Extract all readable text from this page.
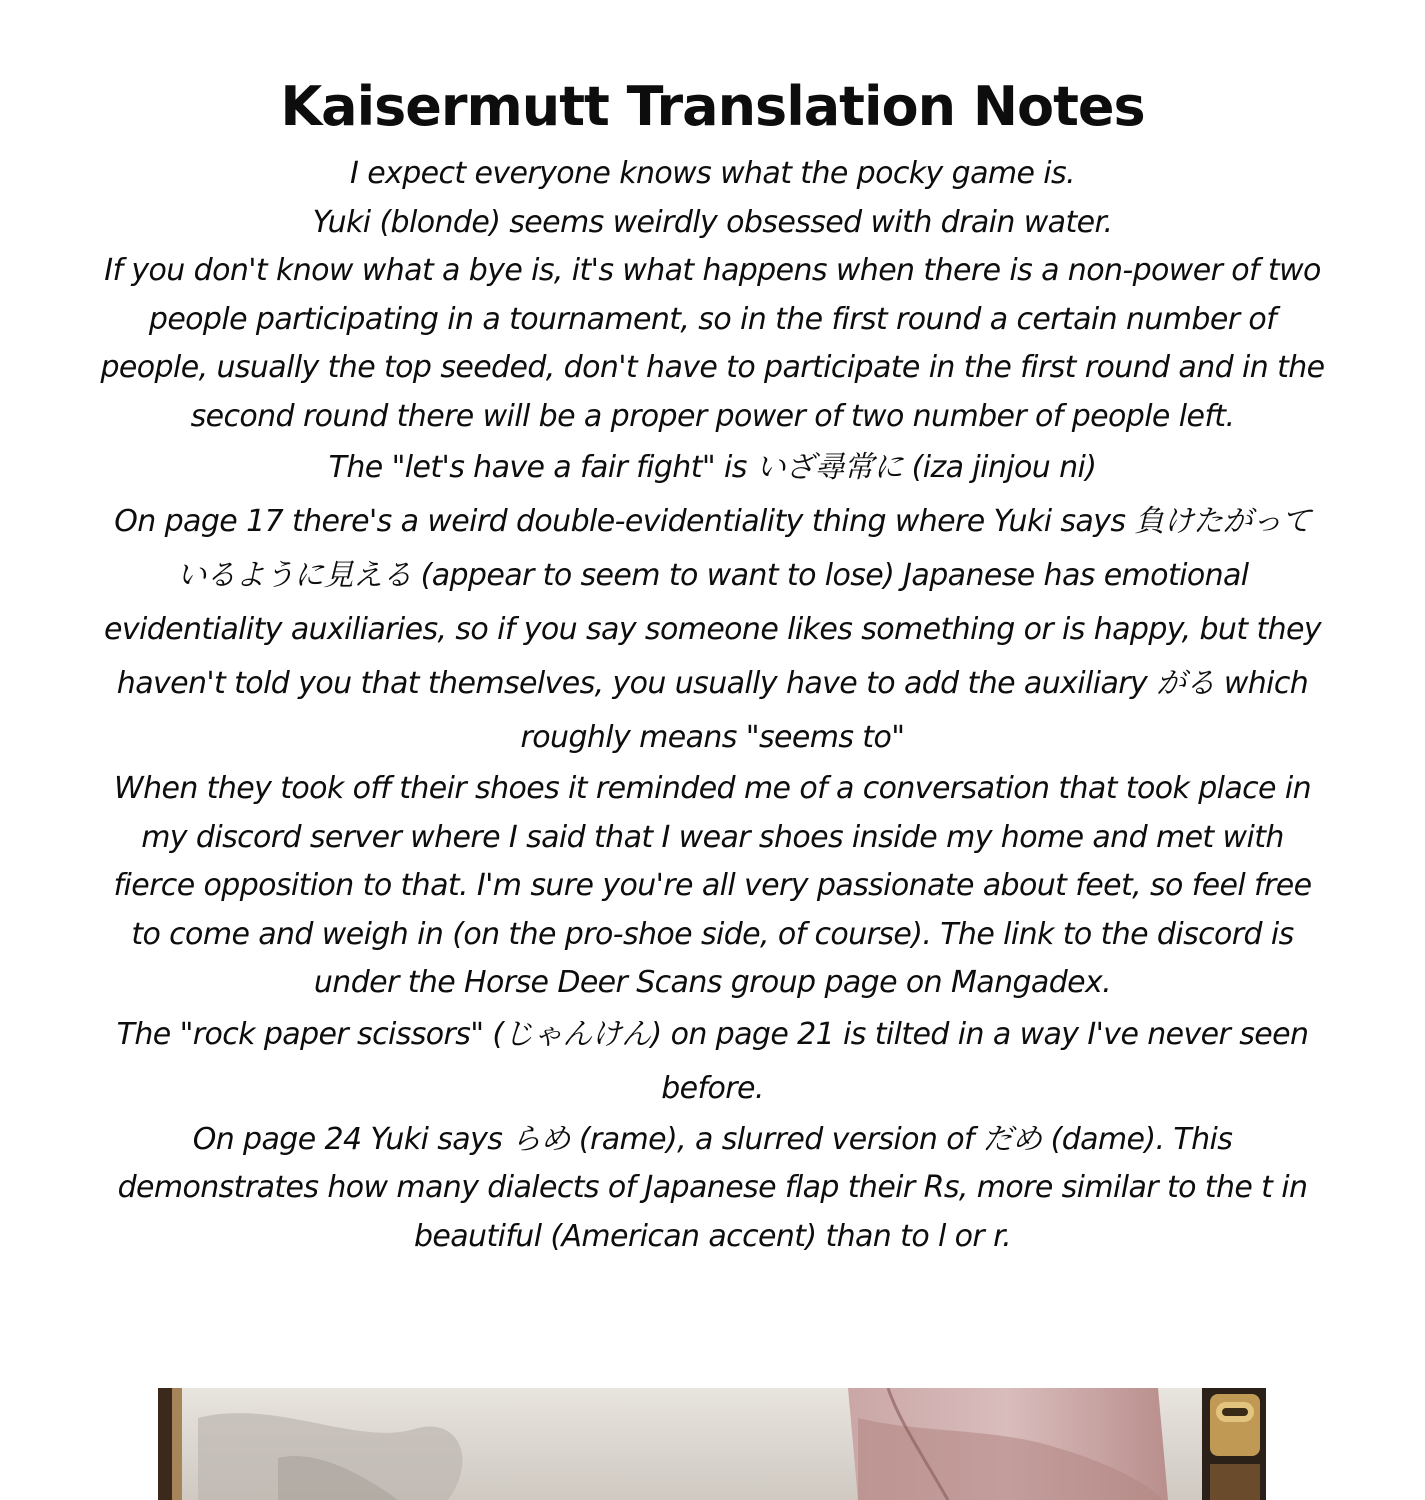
Kaisermutt Translation Notes

I expect everyone knows what the pocky game is.

Yuki (blonde) seems weirdly obsessed with drain water.

If you don't know what a bye is, it's what happens when there is a non-power of two people participating in a tournament, so in the first round a certain number of people, usually the top seeded, don't have to participate in the first round and in the second round there will be a proper power of two number of people left.

The "let's have a fair fight" is いざ尋常に (iza jinjou ni)

On page 17 there's a weird double-evidentiality thing where Yuki says 負けたがっているように見える (appear to seem to want to lose) Japanese has emotional evidentiality auxiliaries, so if you say someone likes something or is happy, but they haven't told you that themselves, you usually have to add the auxiliary がる which roughly means "seems to"

When they took off their shoes it reminded me of a conversation that took place in my discord server where I said that I wear shoes inside my home and met with fierce opposition to that. I'm sure you're all very passionate about feet, so feel free to come and weigh in (on the pro-shoe side, of course). The link to the discord is under the Horse Deer Scans group page on Mangadex.

The "rock paper scissors" (じゃんけん) on page 21 is tilted in a way I've never seen before.

On page 24 Yuki says らめ (rame), a slurred version of だめ (dame). This demonstrates how many dialects of Japanese flap their Rs, more similar to the t in beautiful (American accent) than to l or r.
